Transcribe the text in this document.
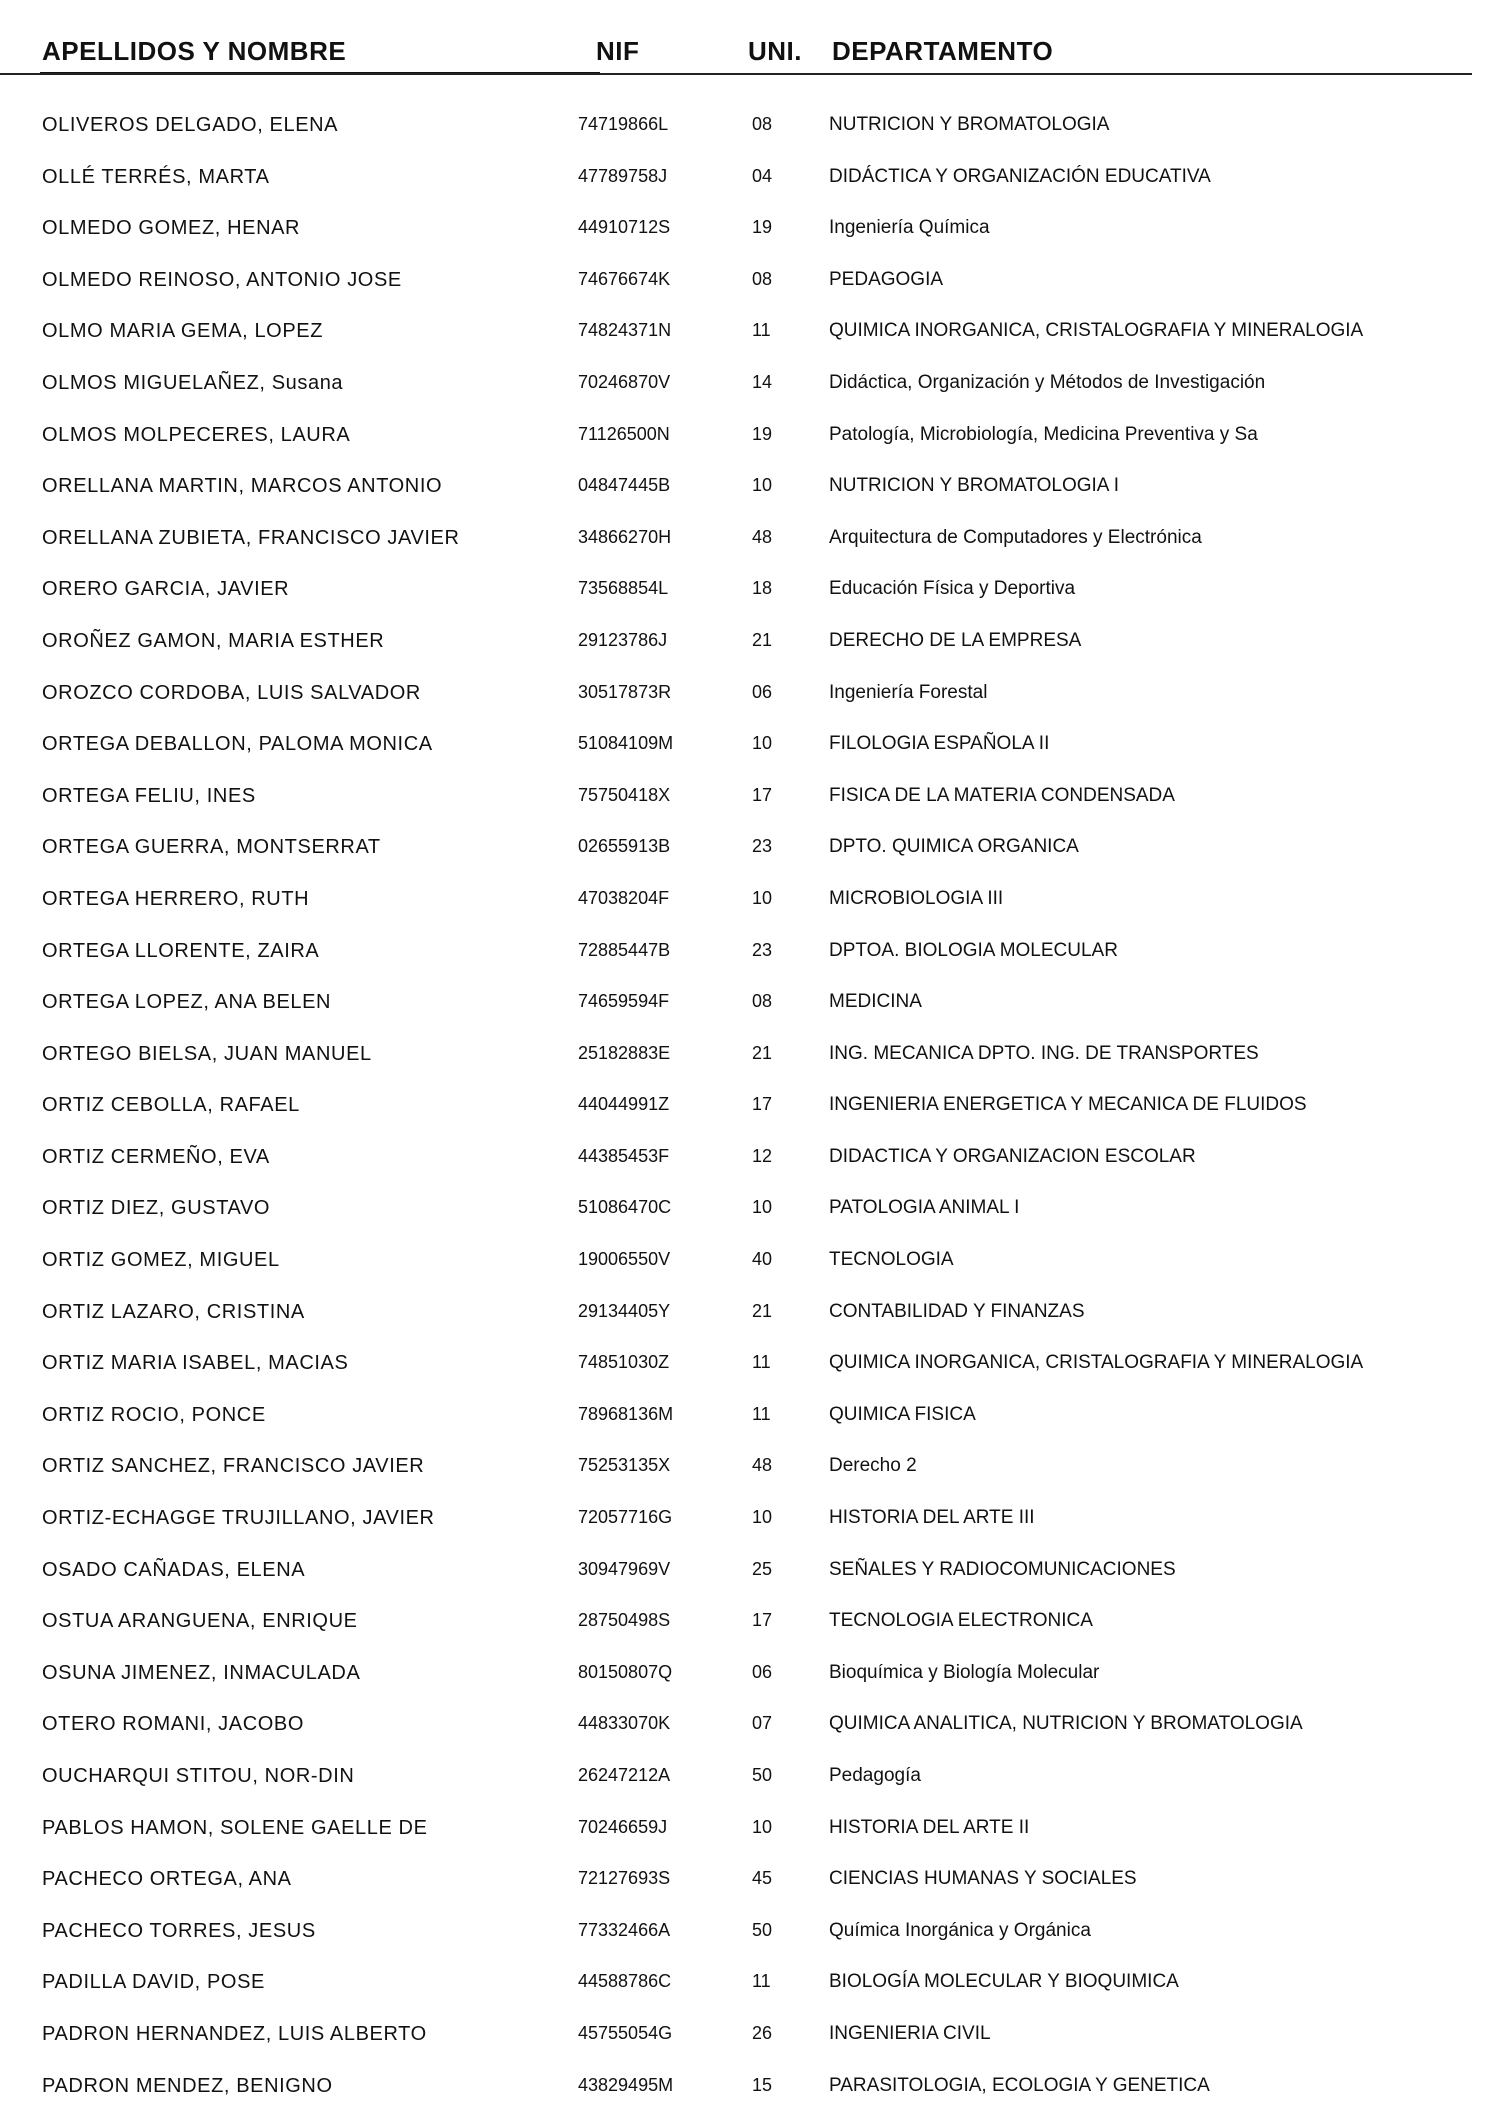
APELLIDOS Y NOMBRE	NIF	UNI. DEPARTAMENTO
OLIVEROS DELGADO, ELENA	74719866L	08	NUTRICION Y BROMATOLOGIA
OLLÉ TERRÉS, MARTA	47789758J	04	DIDÁCTICA Y ORGANIZACIÓN EDUCATIVA
OLMEDO GOMEZ, HENAR	44910712S	19	Ingeniería Química
OLMEDO REINOSO, ANTONIO JOSE	74676674K	08	PEDAGOGIA
OLMO MARIA GEMA, LOPEZ	74824371N	11	QUIMICA INORGANICA, CRISTALOGRAFIA Y MINERALOGIA
OLMOS MIGUELAÑEZ, Susana	70246870V	14	Didáctica, Organización y Métodos de Investigación
OLMOS MOLPECERES, LAURA	71126500N	19	Patología, Microbiología, Medicina Preventiva y Sa
ORELLANA MARTIN, MARCOS ANTONIO	04847445B	10	NUTRICION Y BROMATOLOGIA I
ORELLANA ZUBIETA, FRANCISCO JAVIER	34866270H	48	Arquitectura de Computadores y Electrónica
ORERO GARCIA, JAVIER	73568854L	18	Educación Física y Deportiva
OROÑEZ GAMON, MARIA ESTHER	29123786J	21	DERECHO DE LA EMPRESA
OROZCO CORDOBA, LUIS SALVADOR	30517873R	06	Ingeniería Forestal
ORTEGA DEBALLON, PALOMA MONICA	51084109M	10	FILOLOGIA ESPAÑOLA II
ORTEGA FELIU, INES	75750418X	17	FISICA DE LA MATERIA CONDENSADA
ORTEGA GUERRA, MONTSERRAT	02655913B	23	DPTO. QUIMICA ORGANICA
ORTEGA HERRERO, RUTH	47038204F	10	MICROBIOLOGIA III
ORTEGA LLORENTE, ZAIRA	72885447B	23	DPTOA. BIOLOGIA MOLECULAR
ORTEGA LOPEZ, ANA BELEN	74659594F	08	MEDICINA
ORTEGO BIELSA, JUAN MANUEL	25182883E	21	ING. MECANICA DPTO. ING. DE TRANSPORTES
ORTIZ CEBOLLA, RAFAEL	44044991Z	17	INGENIERIA ENERGETICA Y MECANICA DE FLUIDOS
ORTIZ CERMEÑO, EVA	44385453F	12	DIDACTICA Y ORGANIZACION ESCOLAR
ORTIZ DIEZ, GUSTAVO	51086470C	10	PATOLOGIA ANIMAL I
ORTIZ GOMEZ, MIGUEL	19006550V	40	TECNOLOGIA
ORTIZ LAZARO, CRISTINA	29134405Y	21	CONTABILIDAD Y FINANZAS
ORTIZ MARIA ISABEL, MACIAS	74851030Z	11	QUIMICA INORGANICA, CRISTALOGRAFIA Y MINERALOGIA
ORTIZ ROCIO, PONCE	78968136M	11	QUIMICA FISICA
ORTIZ SANCHEZ, FRANCISCO JAVIER	75253135X	48	Derecho 2
ORTIZ-ECHAGGE TRUJILLANO, JAVIER	72057716G	10	HISTORIA DEL ARTE III
OSADO CAÑADAS, ELENA	30947969V	25	SEÑALES Y RADIOCOMUNICACIONES
OSTUA ARANGUENA, ENRIQUE	28750498S	17	TECNOLOGIA ELECTRONICA
OSUNA JIMENEZ, INMACULADA	80150807Q	06	Bioquímica y Biología Molecular
OTERO ROMANI, JACOBO	44833070K	07	QUIMICA ANALITICA, NUTRICION Y BROMATOLOGIA
OUCHARQUI STITOU, NOR-DIN	26247212A	50	Pedagogía
PABLOS HAMON, SOLENE GAELLE DE	70246659J	10	HISTORIA DEL ARTE II
PACHECO ORTEGA, ANA	72127693S	45	CIENCIAS HUMANAS Y SOCIALES
PACHECO TORRES, JESUS	77332466A	50	Química Inorgánica y Orgánica
PADILLA DAVID, POSE	44588786C	11	BIOLOGÍA MOLECULAR Y BIOQUIMICA
PADRON HERNANDEZ, LUIS ALBERTO	45755054G	26	INGENIERIA CIVIL
PADRON MENDEZ, BENIGNO	43829495M	15	PARASITOLOGIA, ECOLOGIA Y GENETICA
